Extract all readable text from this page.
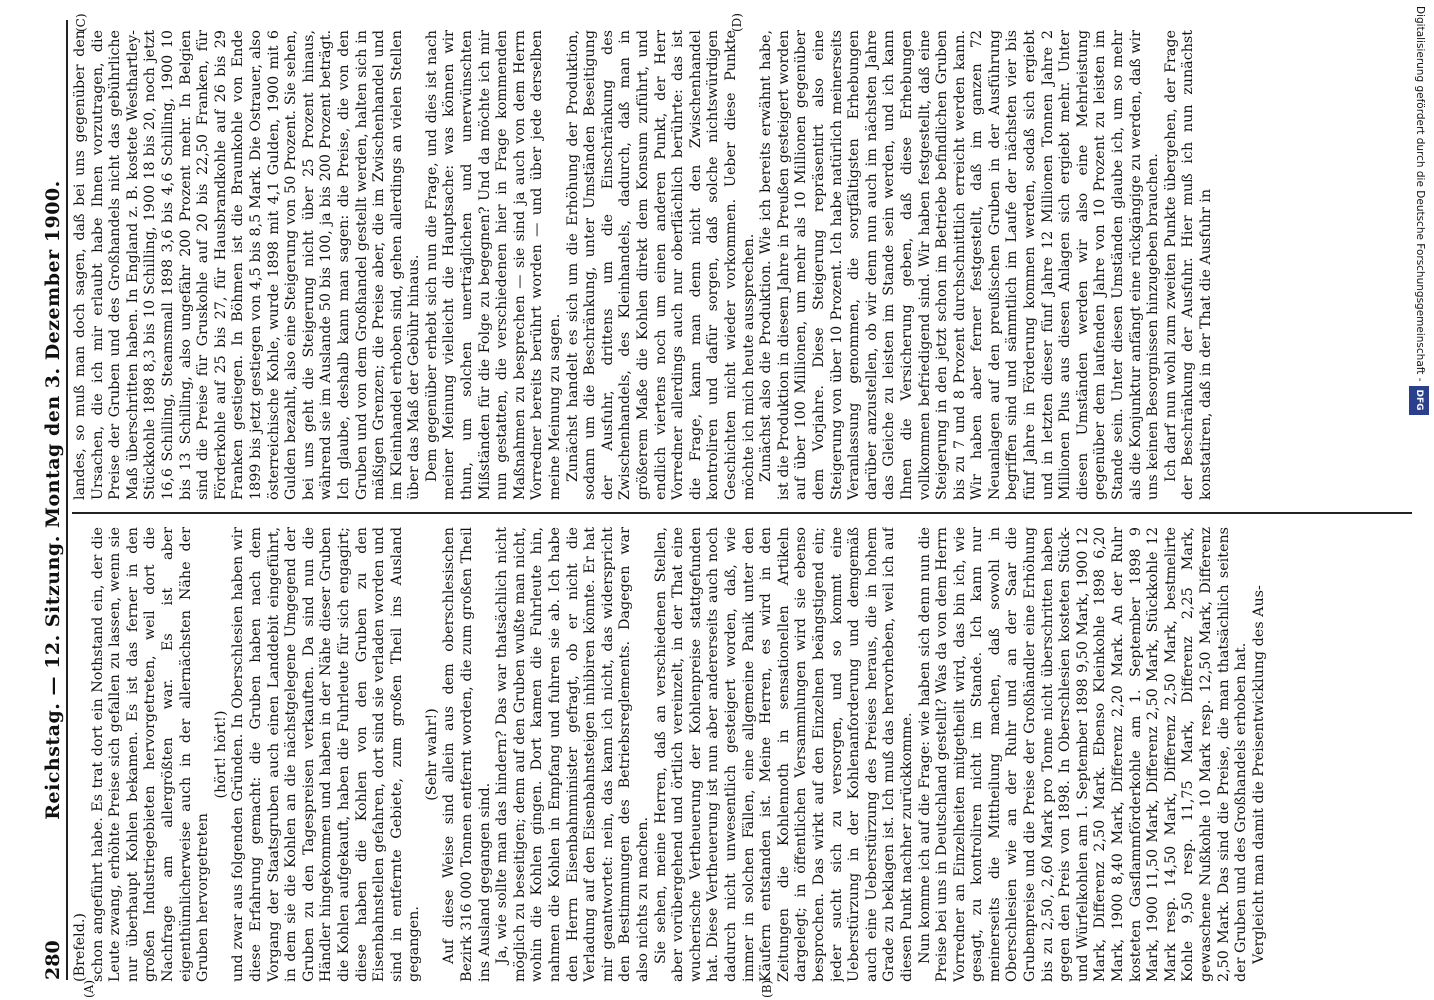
280
Reichstag. — 12. Sitzung. Montag den 3. Dezember 1900.
(A)	(B)
(C)	(D)

(Brefeld.) schon angeführt habe. Es trat dort ein Nothstand ein, der die Leute zwang, erhöhte Preise sich gefallen zu lassen, wenn sie nur überhaupt Kohlen bekamen. Es ist das ferner in den großen Industriegebieten hervorgetreten, weil dort die Nachfrage am allergrößten war. Es ist aber eigenthümlicherweise auch in der allernächsten Nähe der Gruben hervorgetreten

(hört! hört!) und zwar aus folgenden Gründen. In Oberschlesien haben wir diese Erfahrung gemacht: die Gruben haben nach dem Vorgang der Staatsgruben auch einen Landdebit eingeführt, in dem sie die Kohlen an die nächstgelegene Umgegend der Gruben zu den Tagespreisen verkauften. Da sind nun die Händler hingekommen und haben in der Nähe dieser Gruben die Kohlen aufgekauft, haben die Fuhrleute für sich engagirt; diese haben die Kohlen von den Gruben zu den Eisenbahnstellen gefahren, dort sind sie verladen worden und sind in entfernte Gebiete, zum großen Theil ins Ausland gegangen.

(Sehr wahr!) Auf diese Weise sind allein aus dem oberschlesischen Bezirk 316 000 Tonnen entfernt worden, die zum großen Theil ins Ausland gegangen sind. Ja, wie sollte man das hindern? Das war thatsächlich nicht möglich zu beseitigen; denn auf den Gruben wußte man nicht, wohin die Kohlen gingen. Dort kamen die Fuhrleute hin, nahmen die Kohlen in Empfang und fuhren sie ab. Ich habe den Herrn Eisenbahnminister gefragt, ob er nicht die Verladung auf den Eisenbahnsteigen inhibiren könnte. Er hat mir geantwortet: nein, das kann ich nicht, das widerspricht den Bestimmungen des Betriebsreglements. Dagegen war also nichts zu machen. Sie sehen, meine Herren, daß an verschiedenen Stellen, aber vorübergehend und örtlich vereinzelt, in der That eine wucherische Vertheuerung der Kohlenpreise stattgefunden hat. Diese Vertheuerung ist nun aber andererseits auch noch dadurch nicht unwesentlich gesteigert worden, daß, wie immer in solchen Fällen, eine allgemeine Panik unter den Käufern entstanden ist. Meine Herren, es wird in den Zeitungen die Kohlennoth in sensationellen Artikeln dargelegt; in öffentlichen Versammlungen wird sie ebenso besprochen. Das wirkt auf den Einzelnen beängstigend ein; jeder sucht sich zu versorgen, und so kommt eine Ueberstürzung in der Kohlenanforderung und demgemäß auch eine Ueberstürzung des Preises heraus, die in hohem Grade zu beklagen ist. Ich muß das hervorheben, weil ich auf diesen Punkt nachher zurückkomme. Nun komme ich auf die Frage: wie haben sich denn nun die Preise bei uns in Deutschland gestellt? Was da von dem Herrn Vorredner an Einzelheiten mitgetheilt wird, das bin ich, wie gesagt, zu kontroliren nicht im Stande. Ich kann nur meinerseits die Mittheilung machen, daß sowohl in Oberschlesien wie an der Ruhr und an der Saar die Grubenpreise und die Preise der Großhändler eine Erhöhung bis zu 2,50, 2,60 Mark pro Tonne nicht überschritten haben gegen den Preis von 1898. In Oberschlesien kosteten Stück- und Würfelkohlen am 1. September 1898 9,50 Mark, 1900 12 Mark, Differenz 2,50 Mark. Ebenso Kleinkohle 1898 6,20 Mark, 1900 8,40 Mark, Differenz 2,20 Mark. An der Ruhr kosteten Gasflammförderkohle am 1. September 1898 9 Mark, 1900 11,50 Mark, Differenz 2,50 Mark, Stückkohle 12 Mark resp. 14,50 Mark, Differenz 2,50 Mark, bestmelirte Kohle 9,50 resp. 11,75 Mark, Differenz 2,25 Mark, gewaschene Nußkohle 10 Mark resp. 12,50 Mark, Differenz 2,50 Mark. Das sind die Preise, die man thatsächlich seitens der Gruben und des Großhandels erhoben hat. Vergleicht man damit die Preisentwicklung des Aus-

landes, so muß man doch sagen, daß bei uns gegenüber den Ursachen, die ich mir erlaubt habe Ihnen vorzutragen, die Preise der Gruben und des Großhandels nicht das gebührliche Maß überschritten haben. In England z. B. kostete Westhartley-Stückkohle 1898 8,3 bis 10 Schilling, 1900 18 bis 20, noch jetzt 16,6 Schilling, Steamsmall 1898 3,6 bis 4,6 Schilling, 1900 10 bis 13 Schilling, also ungefähr 200 Prozent mehr. In Belgien sind die Preise für Gruskohle auf 20 bis 22,50 Franken, für Förderkohle auf 25 bis 27, für Hausbrandkohle auf 26 bis 29 Franken gestiegen. In Böhmen ist die Braunkohle von Ende 1899 bis jetzt gestiegen von 4,5 bis 8,5 Mark. Die Ostrauer, also österreichische Kohle, wurde 1898 mit 4,1 Gulden, 1900 mit 6 Gulden bezahlt, also eine Steigerung von 50 Prozent. Sie sehen, bei uns geht die Steigerung nicht über 25 Prozent hinaus, während sie im Auslande 50 bis 100, ja bis 200 Prozent beträgt. Ich glaube, deshalb kann man sagen: die Preise, die von den Gruben und von dem Großhandel gestellt werden, halten sich in mäßigen Grenzen; die Preise aber, die im Zwischenhandel und im Kleinhandel erhoben sind, gehen allerdings an vielen Stellen über das Maß der Gebühr hinaus. Dem gegenüber erhebt sich nun die Frage, und dies ist nach meiner Meinung vielleicht die Hauptsache: was können wir thun, um solchen unerträglichen und unerwünschten Mißständen für die Folge zu begegnen? Und da möchte ich mir nun gestatten, die verschiedenen hier in Frage kommenden Maßnahmen zu besprechen — sie sind ja auch von dem Herrn Vorredner bereits berührt worden — und über jede derselben meine Meinung zu sagen. Zunächst handelt es sich um die Erhöhung der Produktion, sodann um die Beschränkung, unter Umständen Beseitigung der Ausfuhr, drittens um die Einschränkung des Zwischenhandels, des Kleinhandels, dadurch, daß man in größerem Maße die Kohlen direkt dem Konsum zuführt, und endlich viertens noch um einen anderen Punkt, der Herr Vorredner allerdings auch nur oberflächlich berührte: das ist die Frage, kann man denn nicht den Zwischenhandel kontroliren und dafür sorgen, daß solche nichtswürdigen Geschichten nicht wieder vorkommen. Ueber diese Punkte möchte ich mich heute aussprechen. Zunächst also die Produktion. Wie ich bereits erwähnt habe, ist die Produktion in diesem Jahre in Preußen gesteigert worden auf über 100 Millionen, um mehr als 10 Millionen gegenüber dem Vorjahre. Diese Steigerung repräsentirt also eine Steigerung von über 10 Prozent. Ich habe natürlich meinerseits Veranlassung genommen, die sorgfältigsten Erhebungen darüber anzustellen, ob wir denn nun auch im nächsten Jahre das Gleiche zu leisten im Stande sein werden, und ich kann Ihnen die Versicherung geben, daß diese Erhebungen vollkommen befriedigend sind. Wir haben festgestellt, daß eine Steigerung in den jetzt schon im Betriebe befindlichen Gruben bis zu 7 und 8 Prozent durchschnittlich erreicht werden kann. Wir haben aber ferner festgestellt, daß im ganzen 72 Neuanlagen auf den preußischen Gruben in der Ausführung begriffen sind und sämmtlich im Laufe der nächsten vier bis fünf Jahre in Förderung kommen werden, sodaß sich ergiebt und in letzten dieser fünf Jahre 12 Millionen Tonnen Jahre 2 Millionen Plus aus diesen Anlagen sich ergiebt mehr. Unter diesen Umständen werden wir also eine Mehrleistung gegenüber dem laufenden Jahre von 10 Prozent zu leisten im Stande sein. Unter diesen Umständen glaube ich, um so mehr als die Konjunktur anfängt eine rückgängige zu werden, daß wir uns keinen Besorgnissen hinzugeben brauchen. Ich darf nun wohl zum zweiten Punkte übergehen, der Frage der Beschränkung der Ausfuhr. Hier muß ich nun zunächst konstatiren, daß in der That die Ausfuhr in	Digitalisierung gefördert durch die Deutsche Forschungsgemeinschaft -DFG
